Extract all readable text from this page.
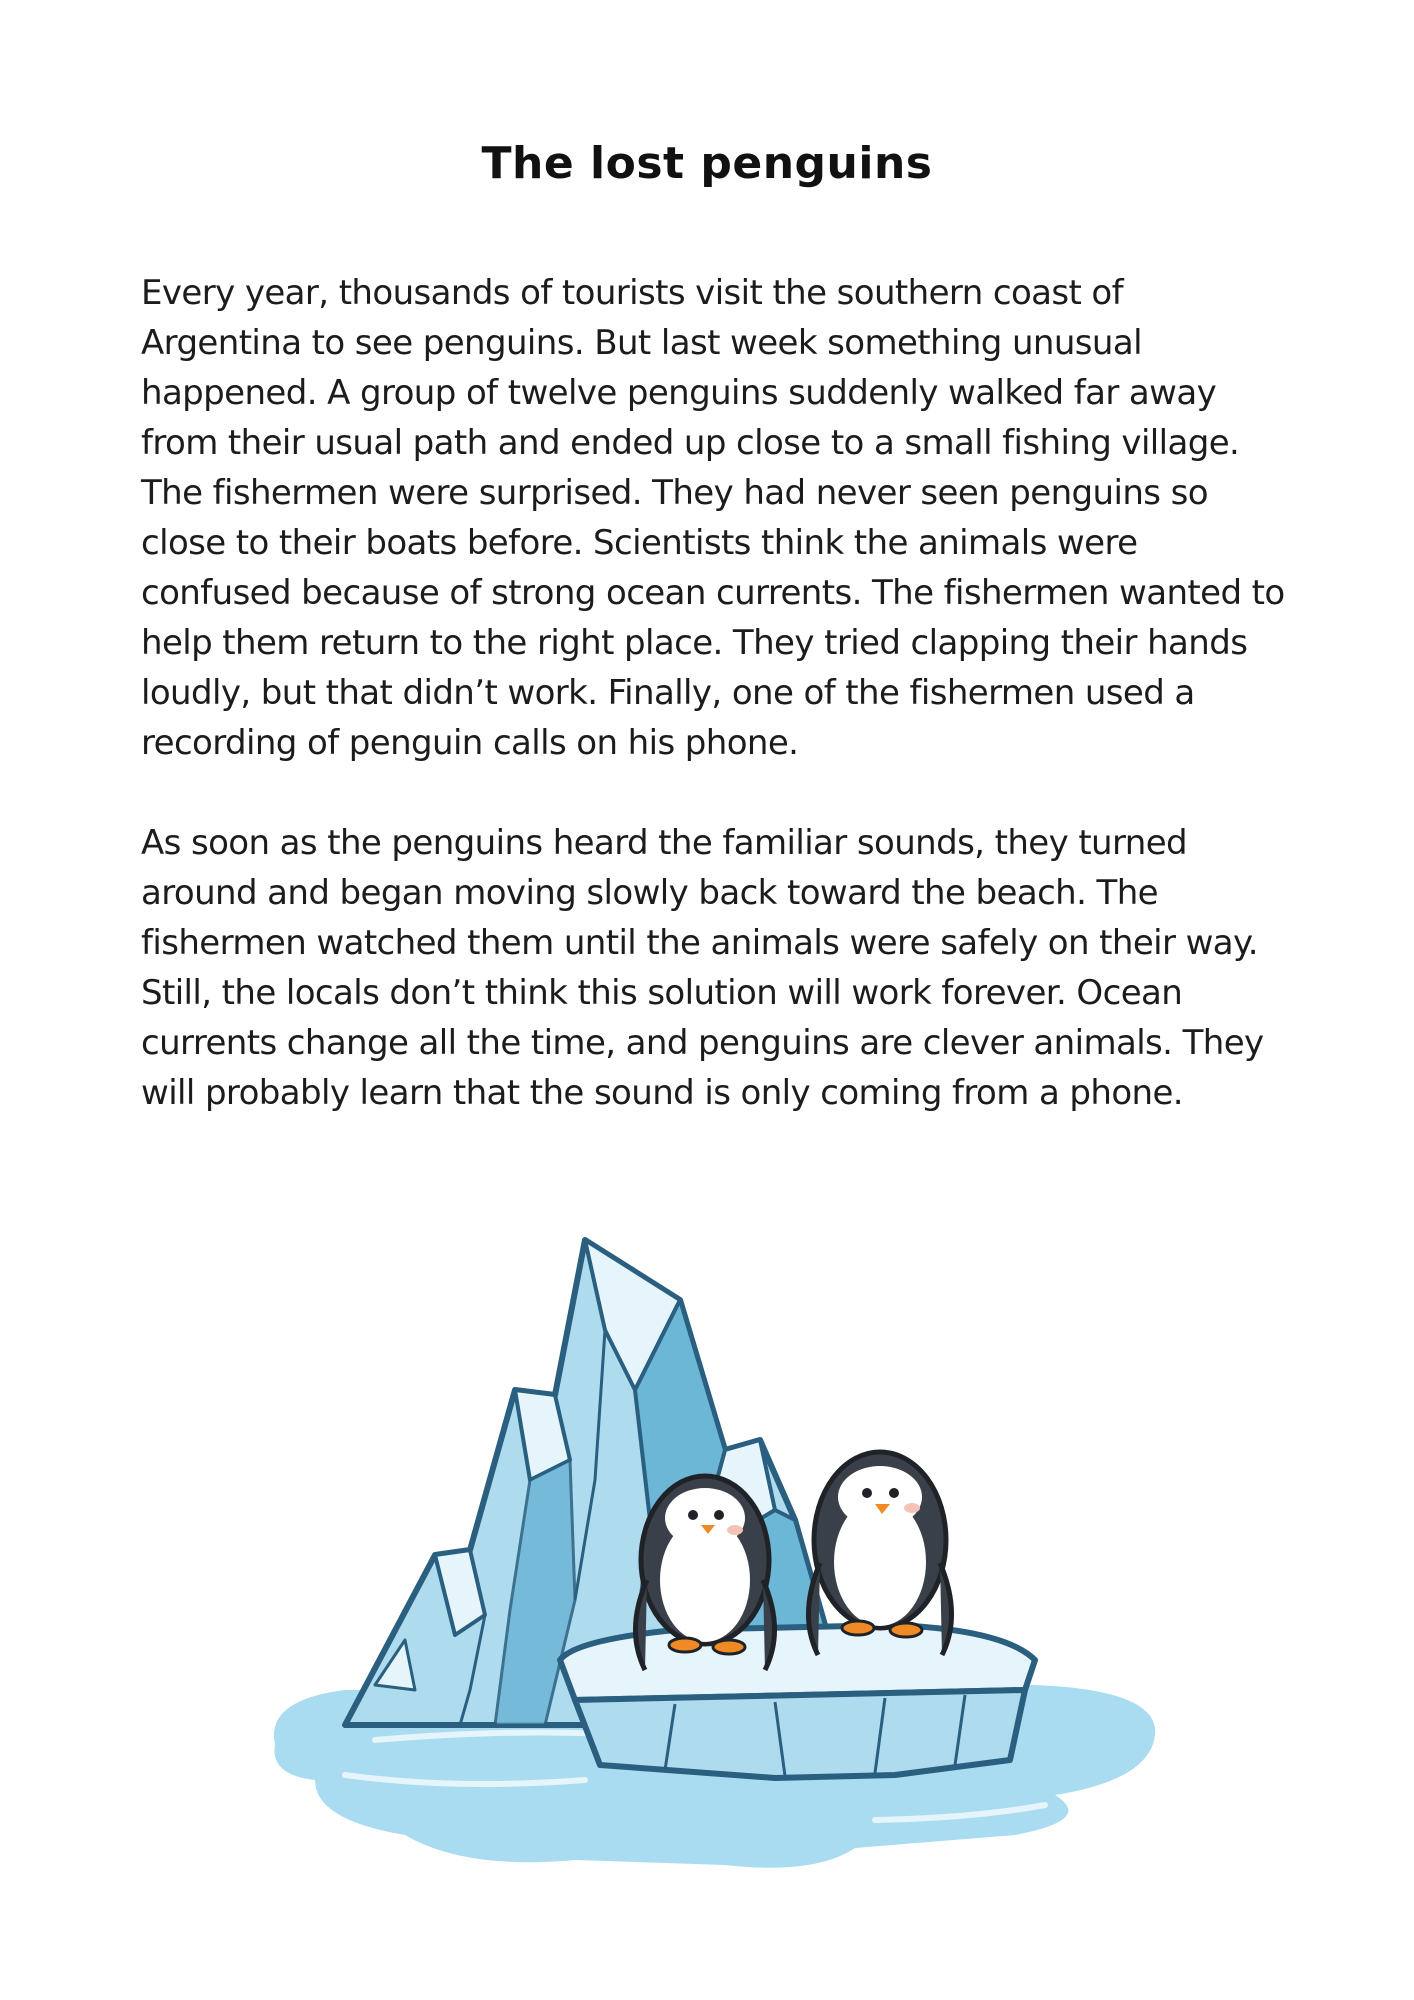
The lost penguins

Every year, thousands of tourists visit the southern coast of Argentina to see penguins. But last week something unusual happened. A group of twelve penguins suddenly walked far away from their usual path and ended up close to a small fishing village. The fishermen were surprised. They had never seen penguins so close to their boats before. Scientists think the animals were confused because of strong ocean currents. The fishermen wanted to help them return to the right place. They tried clapping their hands loudly, but that didn’t work. Finally, one of the fishermen used a recording of penguin calls on his phone.

As soon as the penguins heard the familiar sounds, they turned around and began moving slowly back toward the beach. The fishermen watched them until the animals were safely on their way. Still, the locals don’t think this solution will work forever. Ocean currents change all the time, and penguins are clever animals. They will probably learn that the sound is only coming from a phone.
